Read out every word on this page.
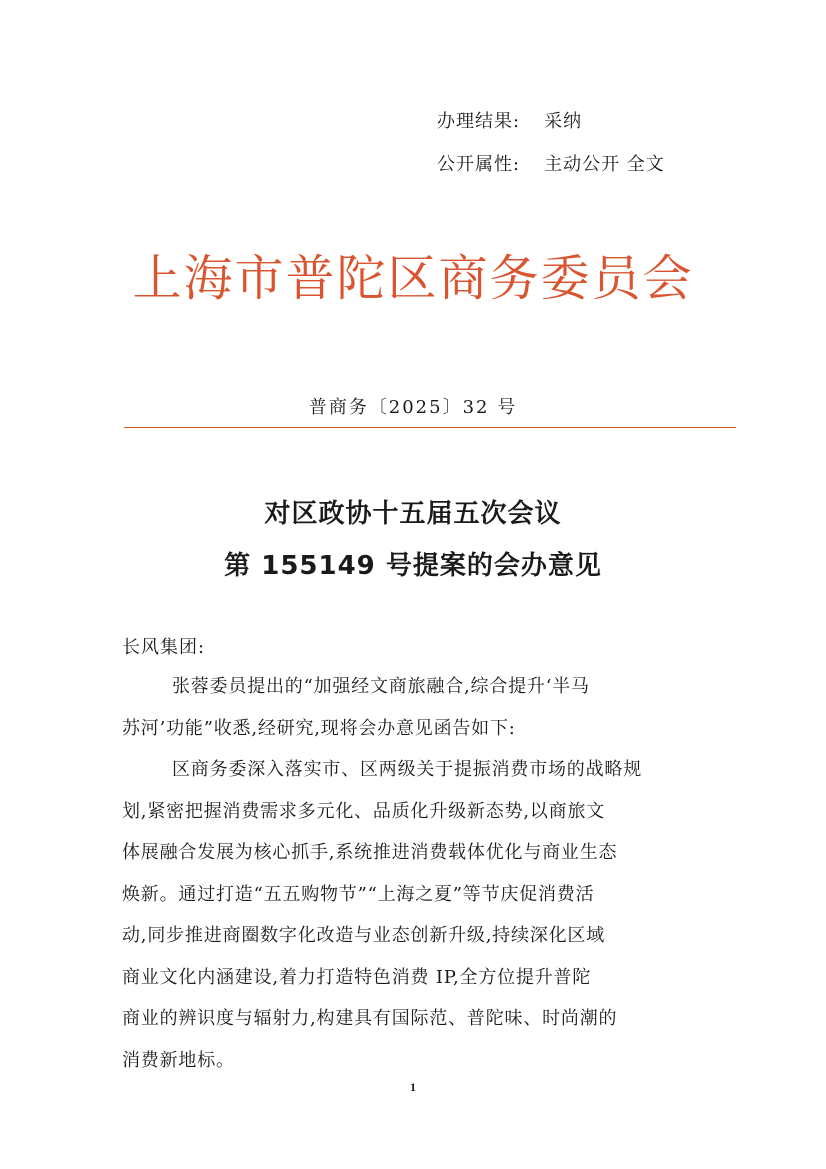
办理结果: 采纳
公开属性: 主动公开 全文
上海市普陀区商务委员会
普商务〔2025〕32 号
对区政协十五届五次会议
第 155149 号提案的会办意见
长风集团:
张蓉委员提出的“加强经文商旅融合,综合提升‘半马
苏河’功能”收悉,经研究,现将会办意见函告如下:
区商务委深入落实市、区两级关于提振消费市场的战略规
划,紧密把握消费需求多元化、品质化升级新态势,以商旅文
体展融合发展为核心抓手,系统推进消费载体优化与商业生态
焕新。通过打造“五五购物节”“上海之夏”等节庆促消费活
动,同步推进商圈数字化改造与业态创新升级,持续深化区域
商业文化内涵建设,着力打造特色消费 IP,全方位提升普陀
商业的辨识度与辐射力,构建具有国际范、普陀味、时尚潮的
消费新地标。
1
